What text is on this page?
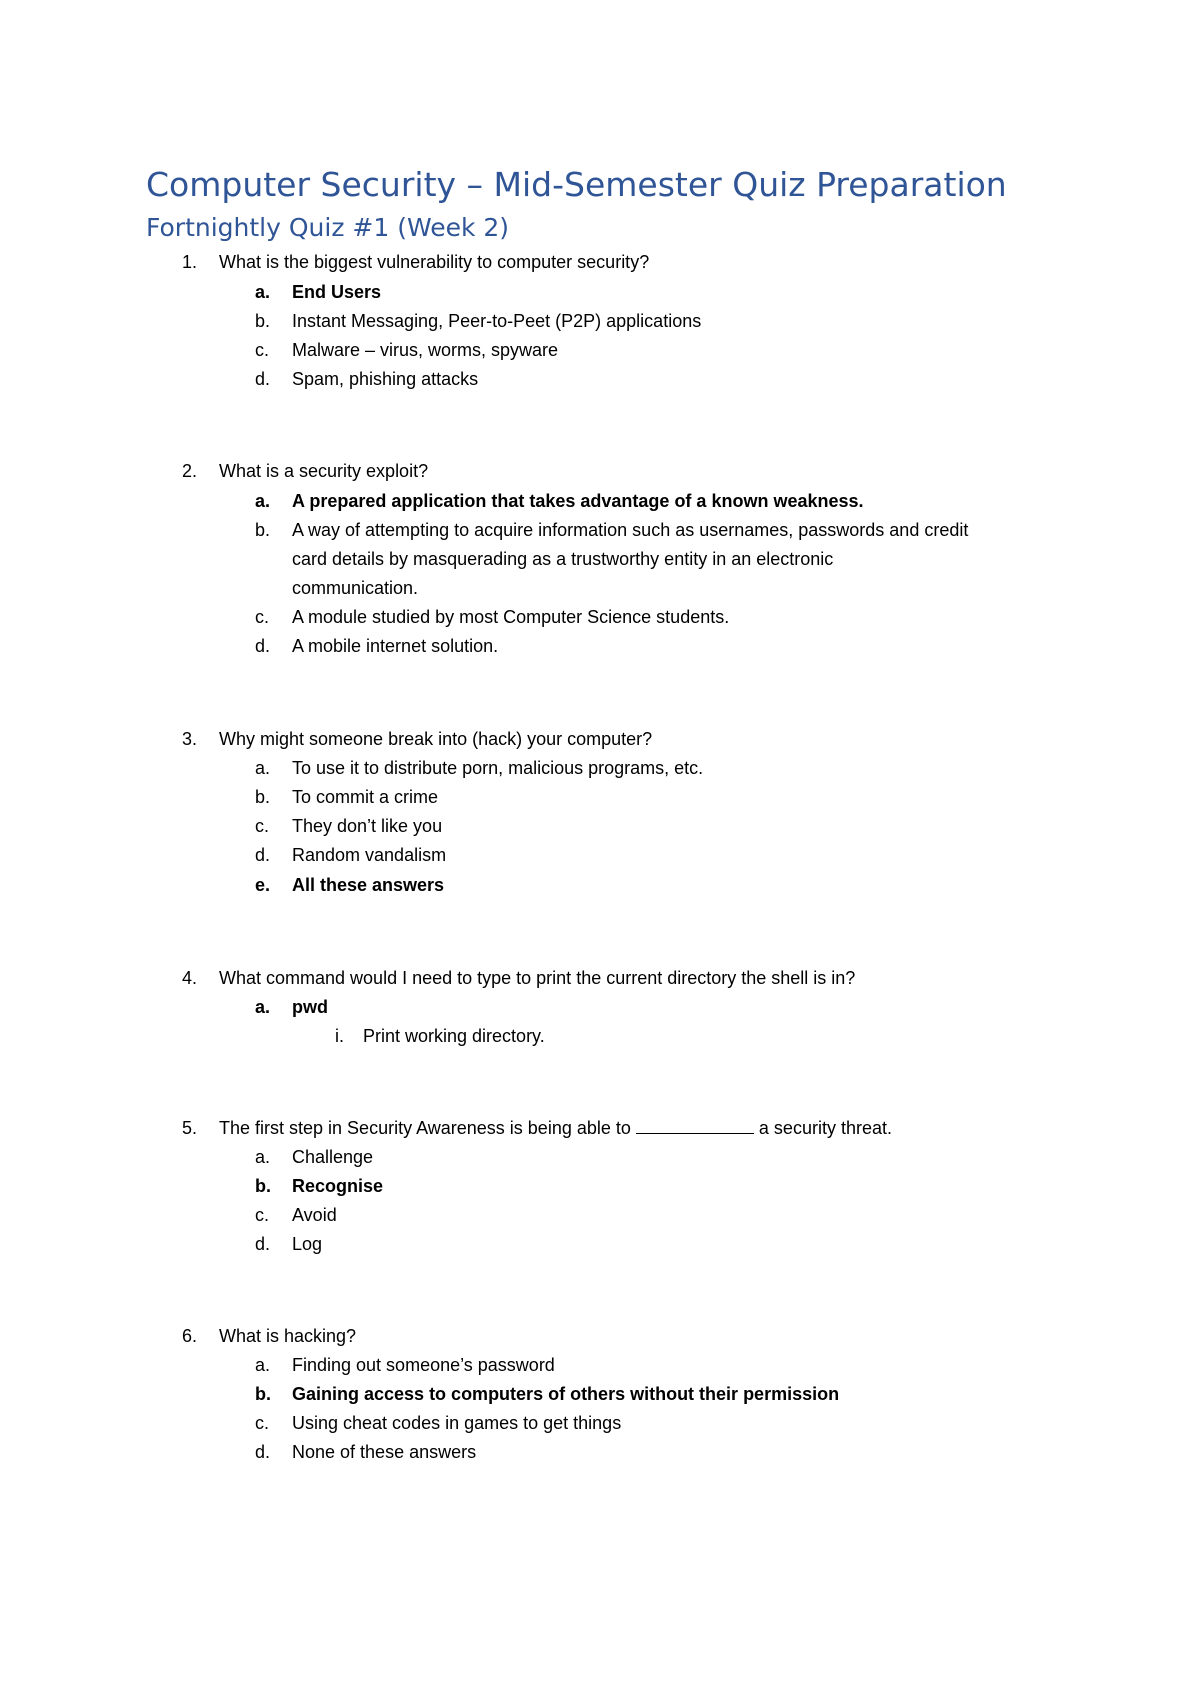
Computer Security – Mid-Semester Quiz Preparation
Fortnightly Quiz #1 (Week 2)
1.	What is the biggest vulnerability to computer security?
a.	End Users
b.	Instant Messaging, Peer-to-Peet (P2P) applications
c.	Malware – virus, worms, spyware
d.	Spam, phishing attacks
2.	What is a security exploit?
a.	A prepared application that takes advantage of a known weakness.
b.	A way of attempting to acquire information such as usernames, passwords and credit
card details by masquerading as a trustworthy entity in an electronic
communication.
c.	A module studied by most Computer Science students.
d.	A mobile internet solution.
3.	Why might someone break into (hack) your computer?
a.	To use it to distribute porn, malicious programs, etc.
b.	To commit a crime
c.	They don’t like you
d.	Random vandalism
e.	All these answers
4.	What command would I need to type to print the current directory the shell is in?
a.	pwd
i.	Print working directory.
5.	The first step in Security Awareness is being able to	a security threat.
a.	Challenge
b.	Recognise
c.	Avoid
d.	Log
6.	What is hacking?
a.	Finding out someone’s password
b.	Gaining access to computers of others without their permission
c.	Using cheat codes in games to get things
d.	None of these answers
